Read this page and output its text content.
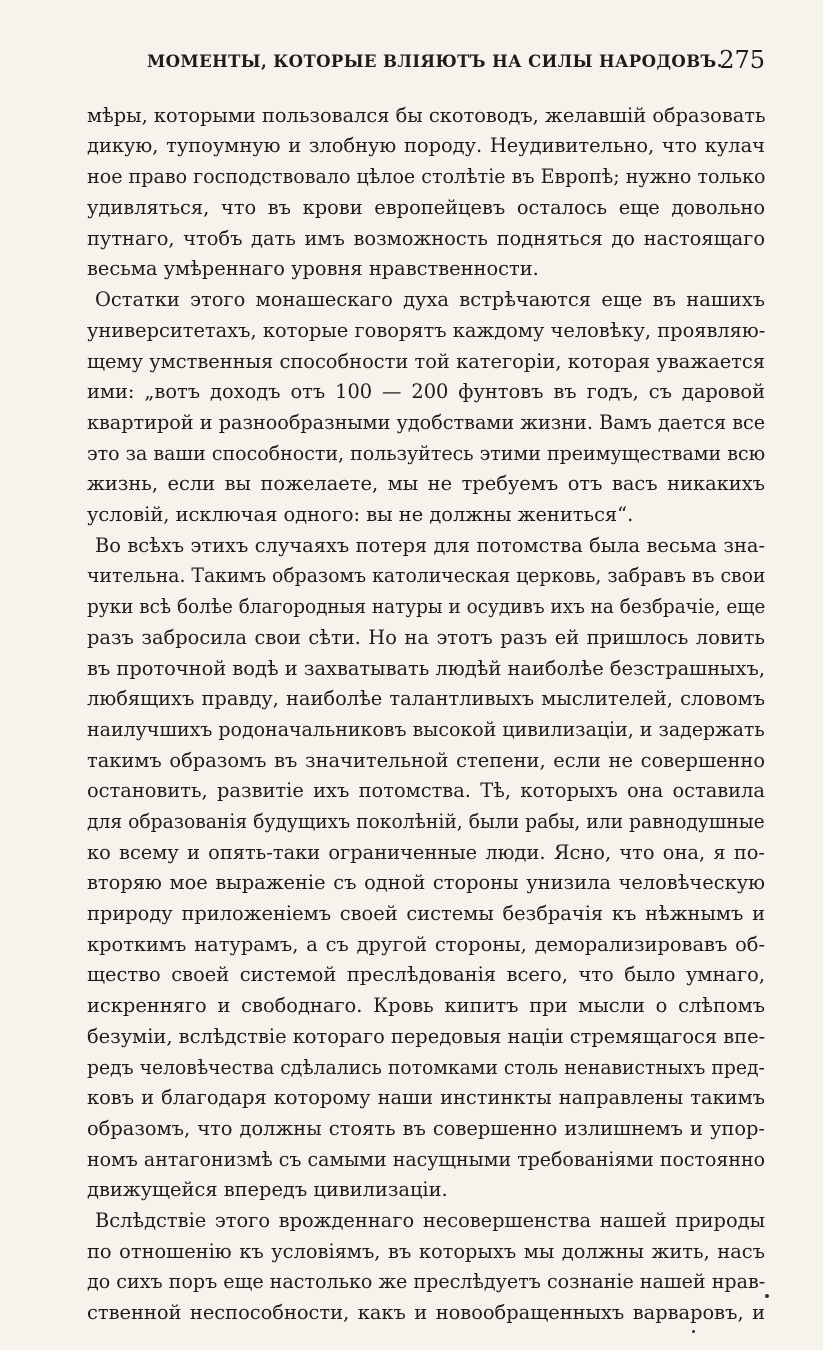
МОМЕНТЫ, КОТОРЫЕ ВЛІЯЮТЪ НА СИЛЫ НАРОДОВЪ.
275
мѣры, которыми пользовался бы скотоводъ, желавшій образовать
дикую, тупоумную и злобную породу. Неудивительно, что кулач
ное право господствовало цѣлое столѣтіе въ Европѣ; нужно только
удивляться, что въ крови европейцевъ осталось еще довольно
путнаго, чтобъ дать имъ возможность подняться до настоящаго
весьма умѣреннаго уровня нравственности.
Остатки этого монашескаго духа встрѣчаются еще въ нашихъ
университетахъ, которые говорятъ каждому человѣку, проявляю-
щему умственныя способности той категоріи, которая уважается
ими: „вотъ доходъ отъ 100 — 200 фунтовъ въ годъ, съ даровой
квартирой и разнообразными удобствами жизни. Вамъ дается все
это за ваши способности, пользуйтесь этими преимуществами всю
жизнь, если вы пожелаете, мы не требуемъ отъ васъ никакихъ
условій, исключая одного: вы не должны жениться“.
Во всѣхъ этихъ случаяхъ потеря для потомства была весьма зна-
чительна. Такимъ образомъ католическая церковь, забравъ въ свои
руки всѣ болѣе благородныя натуры и осудивъ ихъ на безбрачіе, еще
разъ забросила свои сѣти. Но на этотъ разъ ей пришлось ловить
въ проточной водѣ и захватывать людѣй наиболѣе безстрашныхъ,
любящихъ правду, наиболѣе талантливыхъ мыслителей, словомъ
наилучшихъ родоначальниковъ высокой цивилизаціи, и задержать
такимъ образомъ въ значительной степени, если не совершенно
остановить, развитіе ихъ потомства. Тѣ, которыхъ она оставила
для образованія будущихъ поколѣній, были рабы, или равнодушные
ко всему и опять-таки ограниченные люди. Ясно, что она, я по-
вторяю мое выраженіе съ одной стороны унизила человѣческую
природу приложеніемъ своей системы безбрачія къ нѣжнымъ и
кроткимъ натурамъ, а съ другой стороны, деморализировавъ об-
щество своей системой преслѣдованія всего, что было умнаго,
искренняго и свободнаго. Кровь кипитъ при мысли о слѣпомъ
безуміи, вслѣдствіе котораго передовыя націи стремящагося впе-
редъ человѣчества сдѣлались потомками столь ненавистныхъ пред-
ковъ и благодаря которому наши инстинкты направлены такимъ
образомъ, что должны стоять въ совершенно излишнемъ и упор-
номъ антагонизмѣ съ самыми насущными требованіями постоянно
движущейся впередъ цивилизаціи.
Вслѣдствіе этого врожденнаго несовершенства нашей природы
по отношенію къ условіямъ, въ которыхъ мы должны жить, насъ
до сихъ поръ еще настолько же преслѣдуетъ сознаніе нашей нрав-
ственной неспособности, какъ и новообращенныхъ варваровъ, и
